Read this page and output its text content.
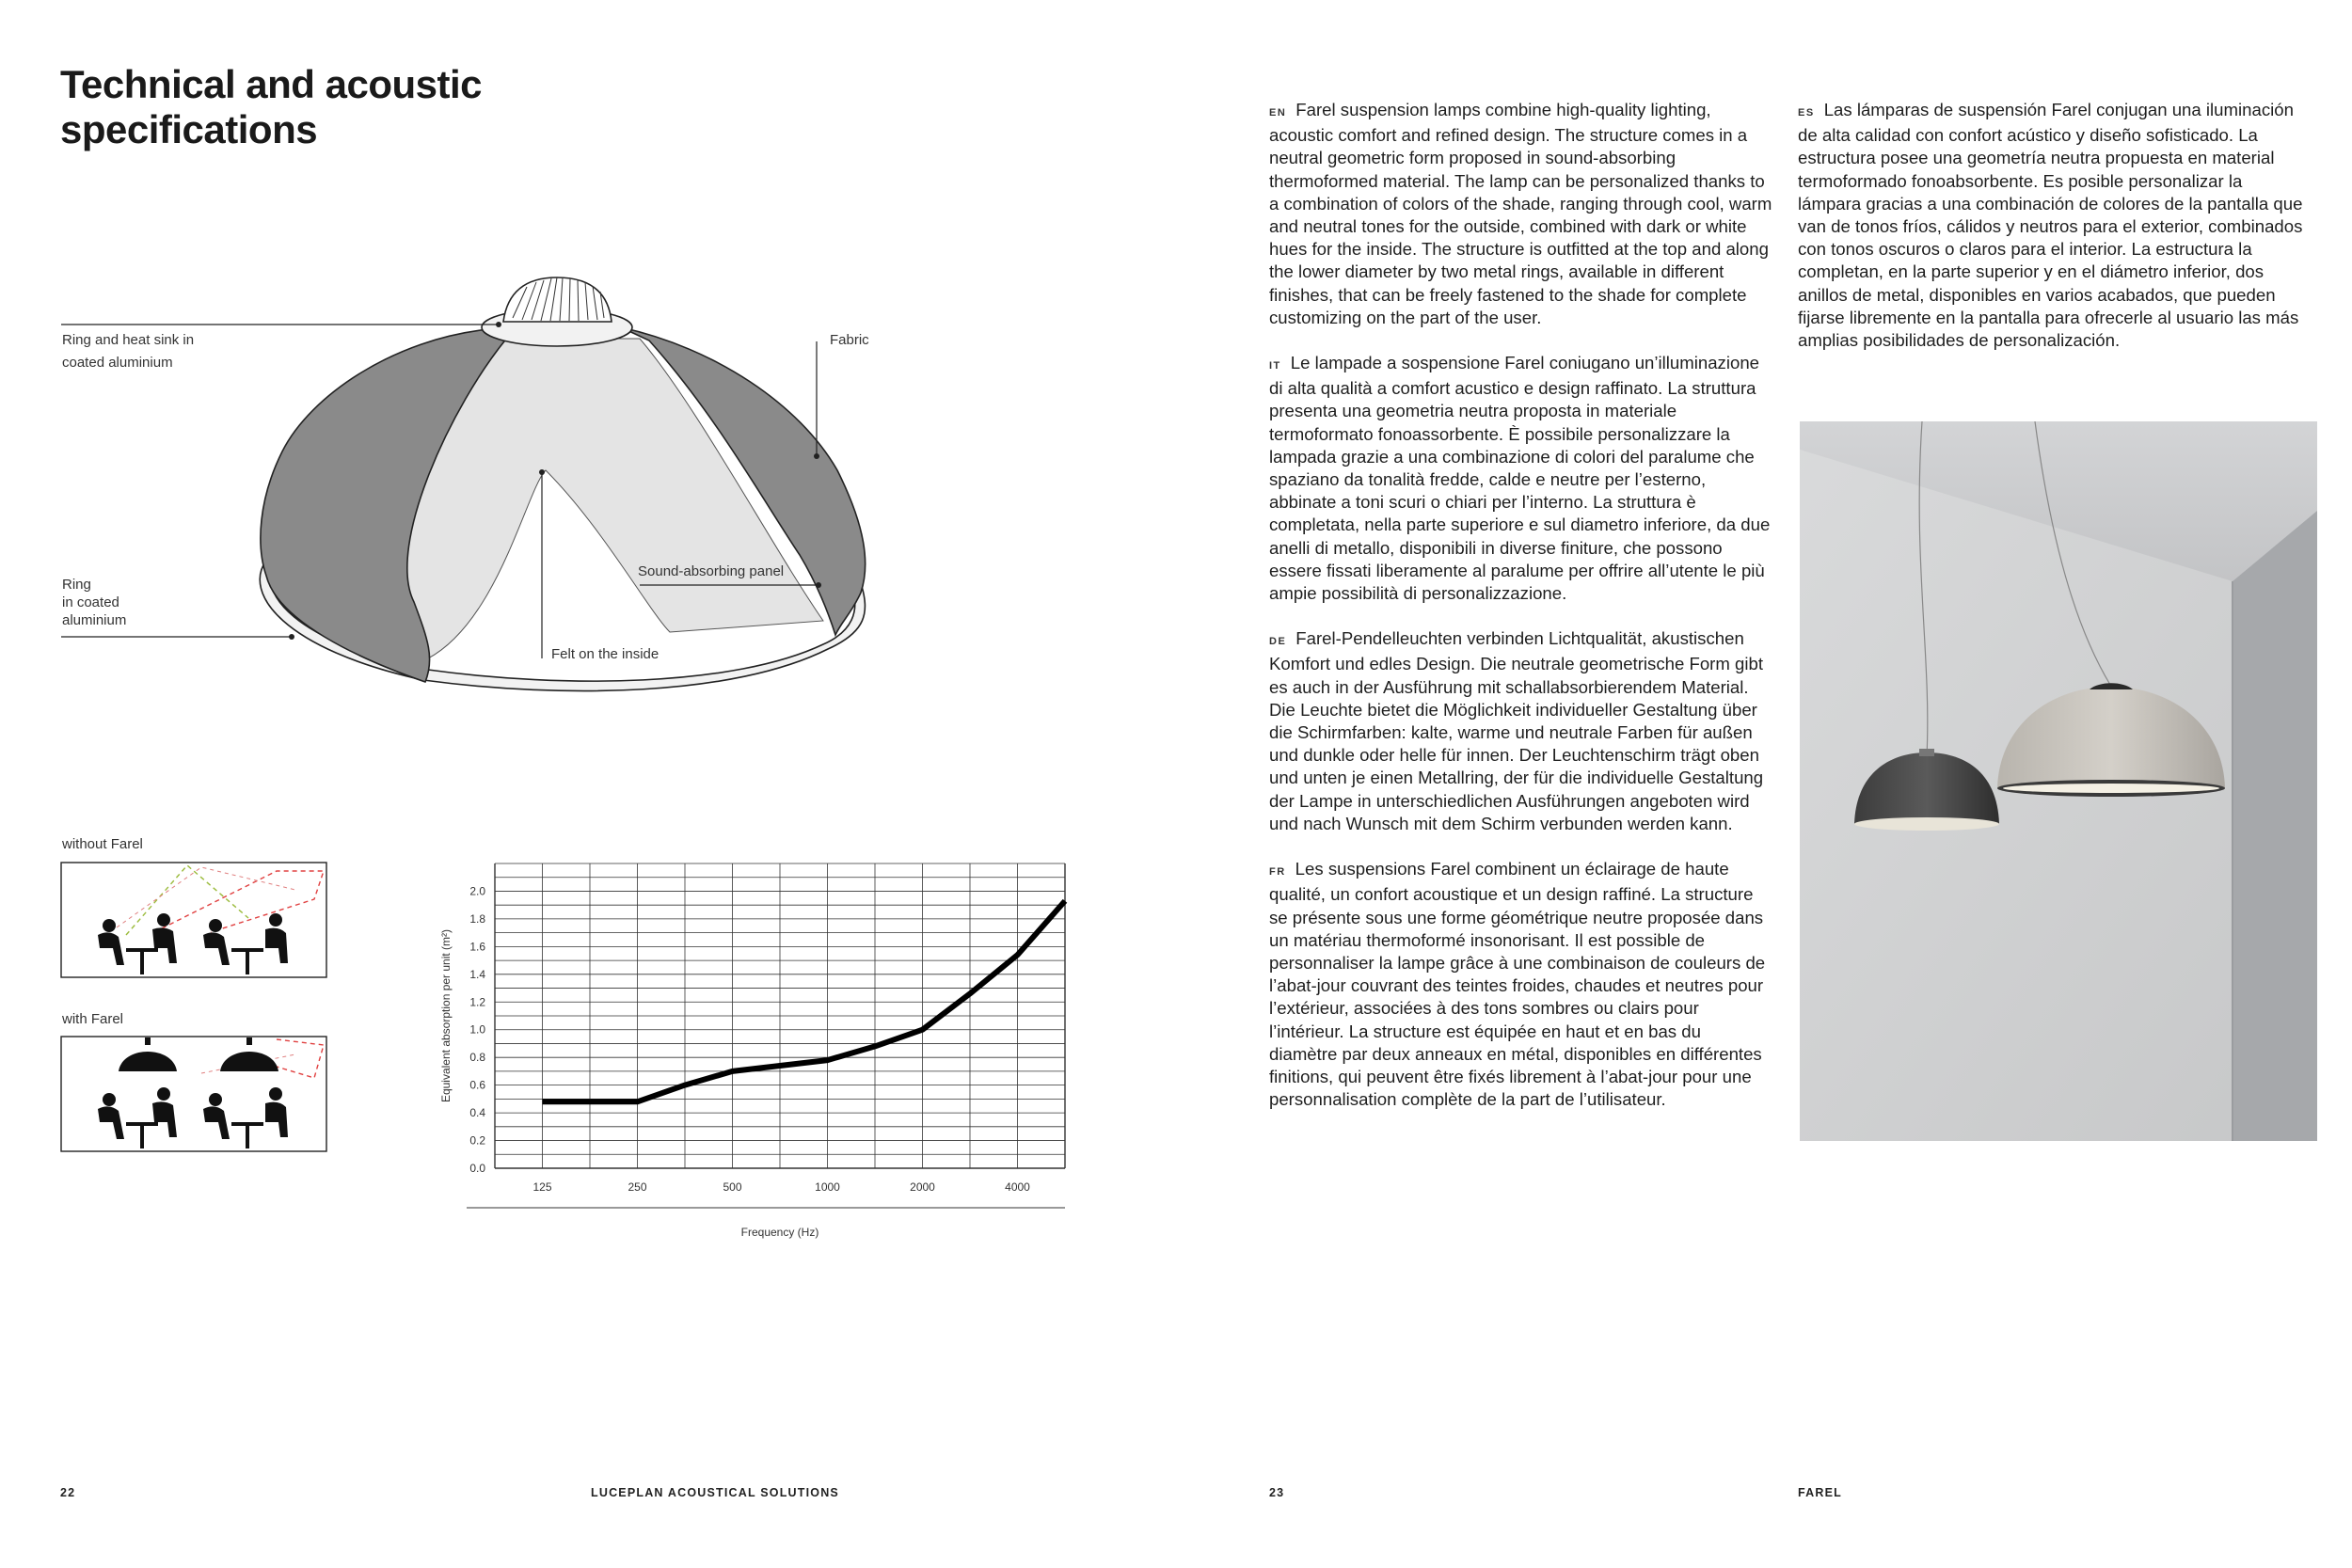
Technical and acoustic
specifications
Ring and heat sink in
coated aluminium
Fabric
Ring
in coated
aluminium
Sound-absorbing panel
Felt on the inside
without Farel
with Farel
0.0
0.2
0.4
0.6
0.8
1.0
1.2
1.4
1.6
1.8
2.0
125	250	500	1000	2000	4000
Frequency (Hz)
Equivalent absorption per unit (m²)
22	LUCEPLAN ACOUSTICAL SOLUTIONS

EN Farel suspension lamps combine high-quality lighting, acoustic comfort and refined design. The structure comes in a neutral geometric form proposed in sound-absorbing thermoformed material. The lamp can be personalized thanks to a combination of colors of the shade, ranging through cool, warm and neutral tones for the outside, combined with dark or white hues for the inside. The structure is outfitted at the top and along the lower diameter by two metal rings, available in different finishes, that can be freely fastened to the shade for complete customizing on the part of the user.

IT Le lampade a sospensione Farel coniugano un’illuminazione di alta qualità a comfort acustico e design raffinato. La struttura presenta una geometria neutra proposta in materiale termoformato fonoassorbente. È possibile personalizzare la lampada grazie a una combinazione di colori del paralume che spaziano da tonalità fredde, calde e neutre per l’esterno, abbinate a toni scuri o chiari per l’interno. La struttura è completata, nella parte superiore e sul diametro inferiore, da due anelli di metallo, disponibili in diverse finiture, che possono essere fissati liberamente al paralume per offrire all’utente le più ampie possibilità di personalizzazione.

DE Farel-Pendelleuchten verbinden Lichtqualität, akustischen Komfort und edles Design. Die neutrale geometrische Form gibt es auch in der Ausführung mit schallabsorbierendem Material. Die Leuchte bietet die Möglichkeit individueller Gestaltung über die Schirmfarben: kalte, warme und neutrale Farben für außen und dunkle oder helle für innen. Der Leuchtenschirm trägt oben und unten je einen Metallring, der für die individuelle Gestaltung der Lampe in unterschiedlichen Ausführungen angeboten wird und nach Wunsch mit dem Schirm verbunden werden kann.

FR Les suspensions Farel combinent un éclairage de haute qualité, un confort acoustique et un design raffiné. La structure se présente sous une forme géométrique neutre proposée dans un matériau thermoformé insonorisant. Il est possible de personnaliser la lampe grâce à une combinaison de couleurs de l’abat-jour couvrant des teintes froides, chaudes et neutres pour l’extérieur, associées à des tons sombres ou clairs pour l’intérieur. La structure est équipée en haut et en bas du diamètre par deux anneaux en métal, disponibles en différentes finitions, qui peuvent être fixés librement à l’abat-jour pour une personnalisation complète de la part de l’utilisateur.

ES Las lámparas de suspensión Farel conjugan una iluminación de alta calidad con confort acústico y diseño sofisticado. La estructura posee una geometría neutra propuesta en material termoformado fonoabsorbente. Es posible personalizar la lámpara gracias a una combinación de colores de la pantalla que van de tonos fríos, cálidos y neutros para el exterior, combinados con tonos oscuros o claros para el interior. La estructura la completan, en la parte superior y en el diámetro inferior, dos anillos de metal, disponibles en varios acabados, que pueden fijarse libremente en la pantalla para ofrecerle al usuario las más amplias posibilidades de personalización.

23	FAREL
